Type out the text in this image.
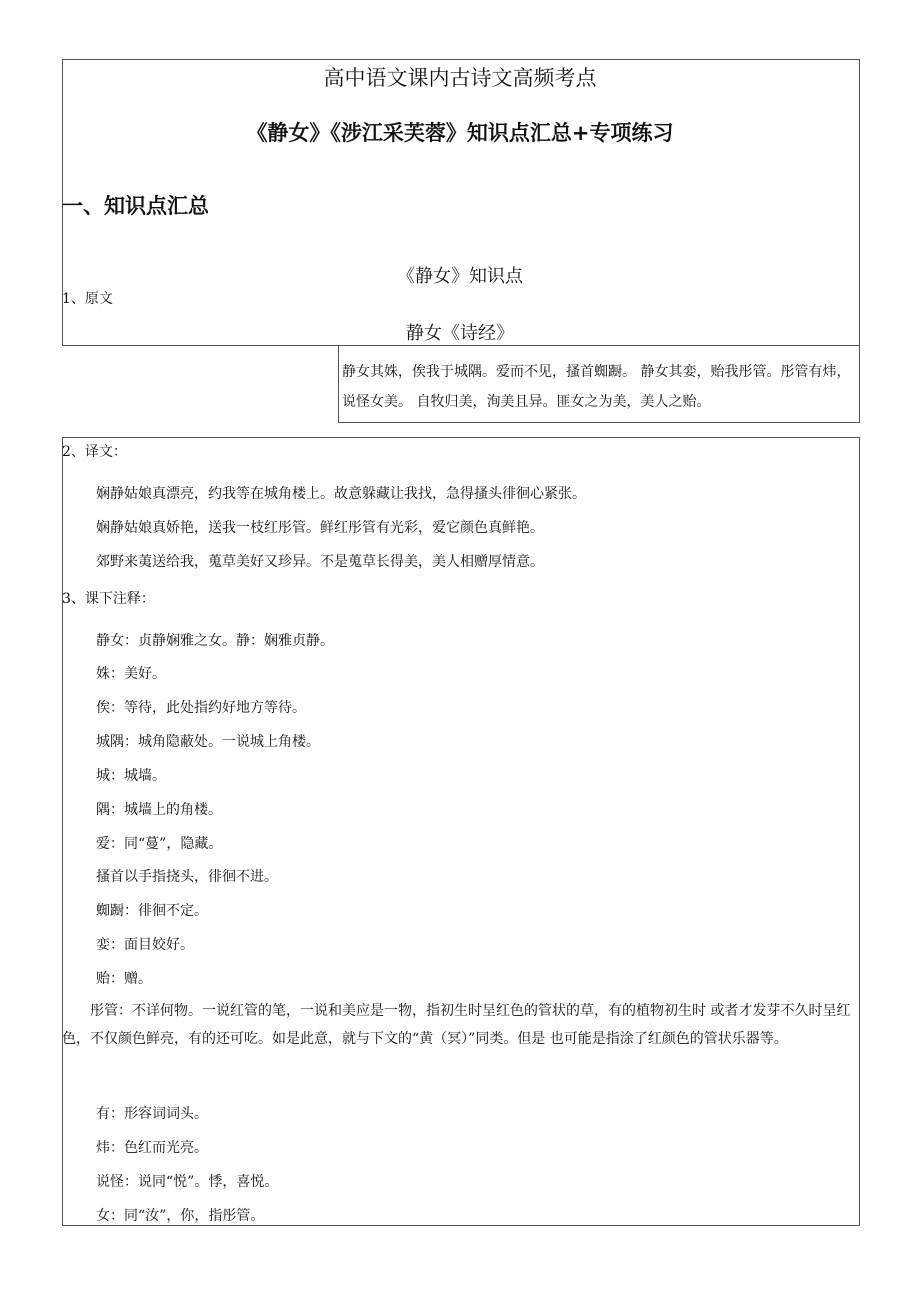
高中语文课内古诗文高频考点
《静女》《涉江采芙蓉》知识点汇总+专项练习
一、知识点汇总
《静女》知识点
1、原文
静女《诗经》
静女其姝，俟我于城隅。爱而不见，搔首蜘蹰。 静女其娈，贻我彤管。彤管有炜，说怪女美。 自牧归美，洵美且异。匪女之为美，美人之贻。
2、译文：
娴静姑娘真漂亮，约我等在城角楼上。故意躲藏让我找，急得搔头徘徊心紧张。
娴静姑娘真娇艳，送我一枝红彤管。鲜红彤管有光彩，爱它颜色真鲜艳。
郊野来荑送给我，蒐草美好又珍异。不是蒐草长得美，美人相赠厚情意。
3、课下注释：
静女：贞静娴雅之女。静：娴雅贞静。
姝：美好。
俟：等待，此处指约好地方等待。
城隅：城角隐蔽处。一说城上角楼。
城：城墙。
隅：城墙上的角楼。
爱：同“蔓”，隐藏。
搔首以手指挠头，徘徊不进。
蜘蹰：徘徊不定。
娈：面目姣好。
贻：赠。
彤管：不详何物。一说红管的笔，一说和美应是一物，指初生时呈红色的管状的草，有的植物初生时 或者才发芽不久时呈红色，不仅颜色鲜亮，有的还可吃。如是此意，就与下文的“黄（冥）”同类。但是 也可能是指涂了红颜色的管状乐器等。
有：形容词词头。
炜：色红而光亮。
说怪：说同“悦”。悸，喜悦。
女：同“汝”，你，指彤管。
